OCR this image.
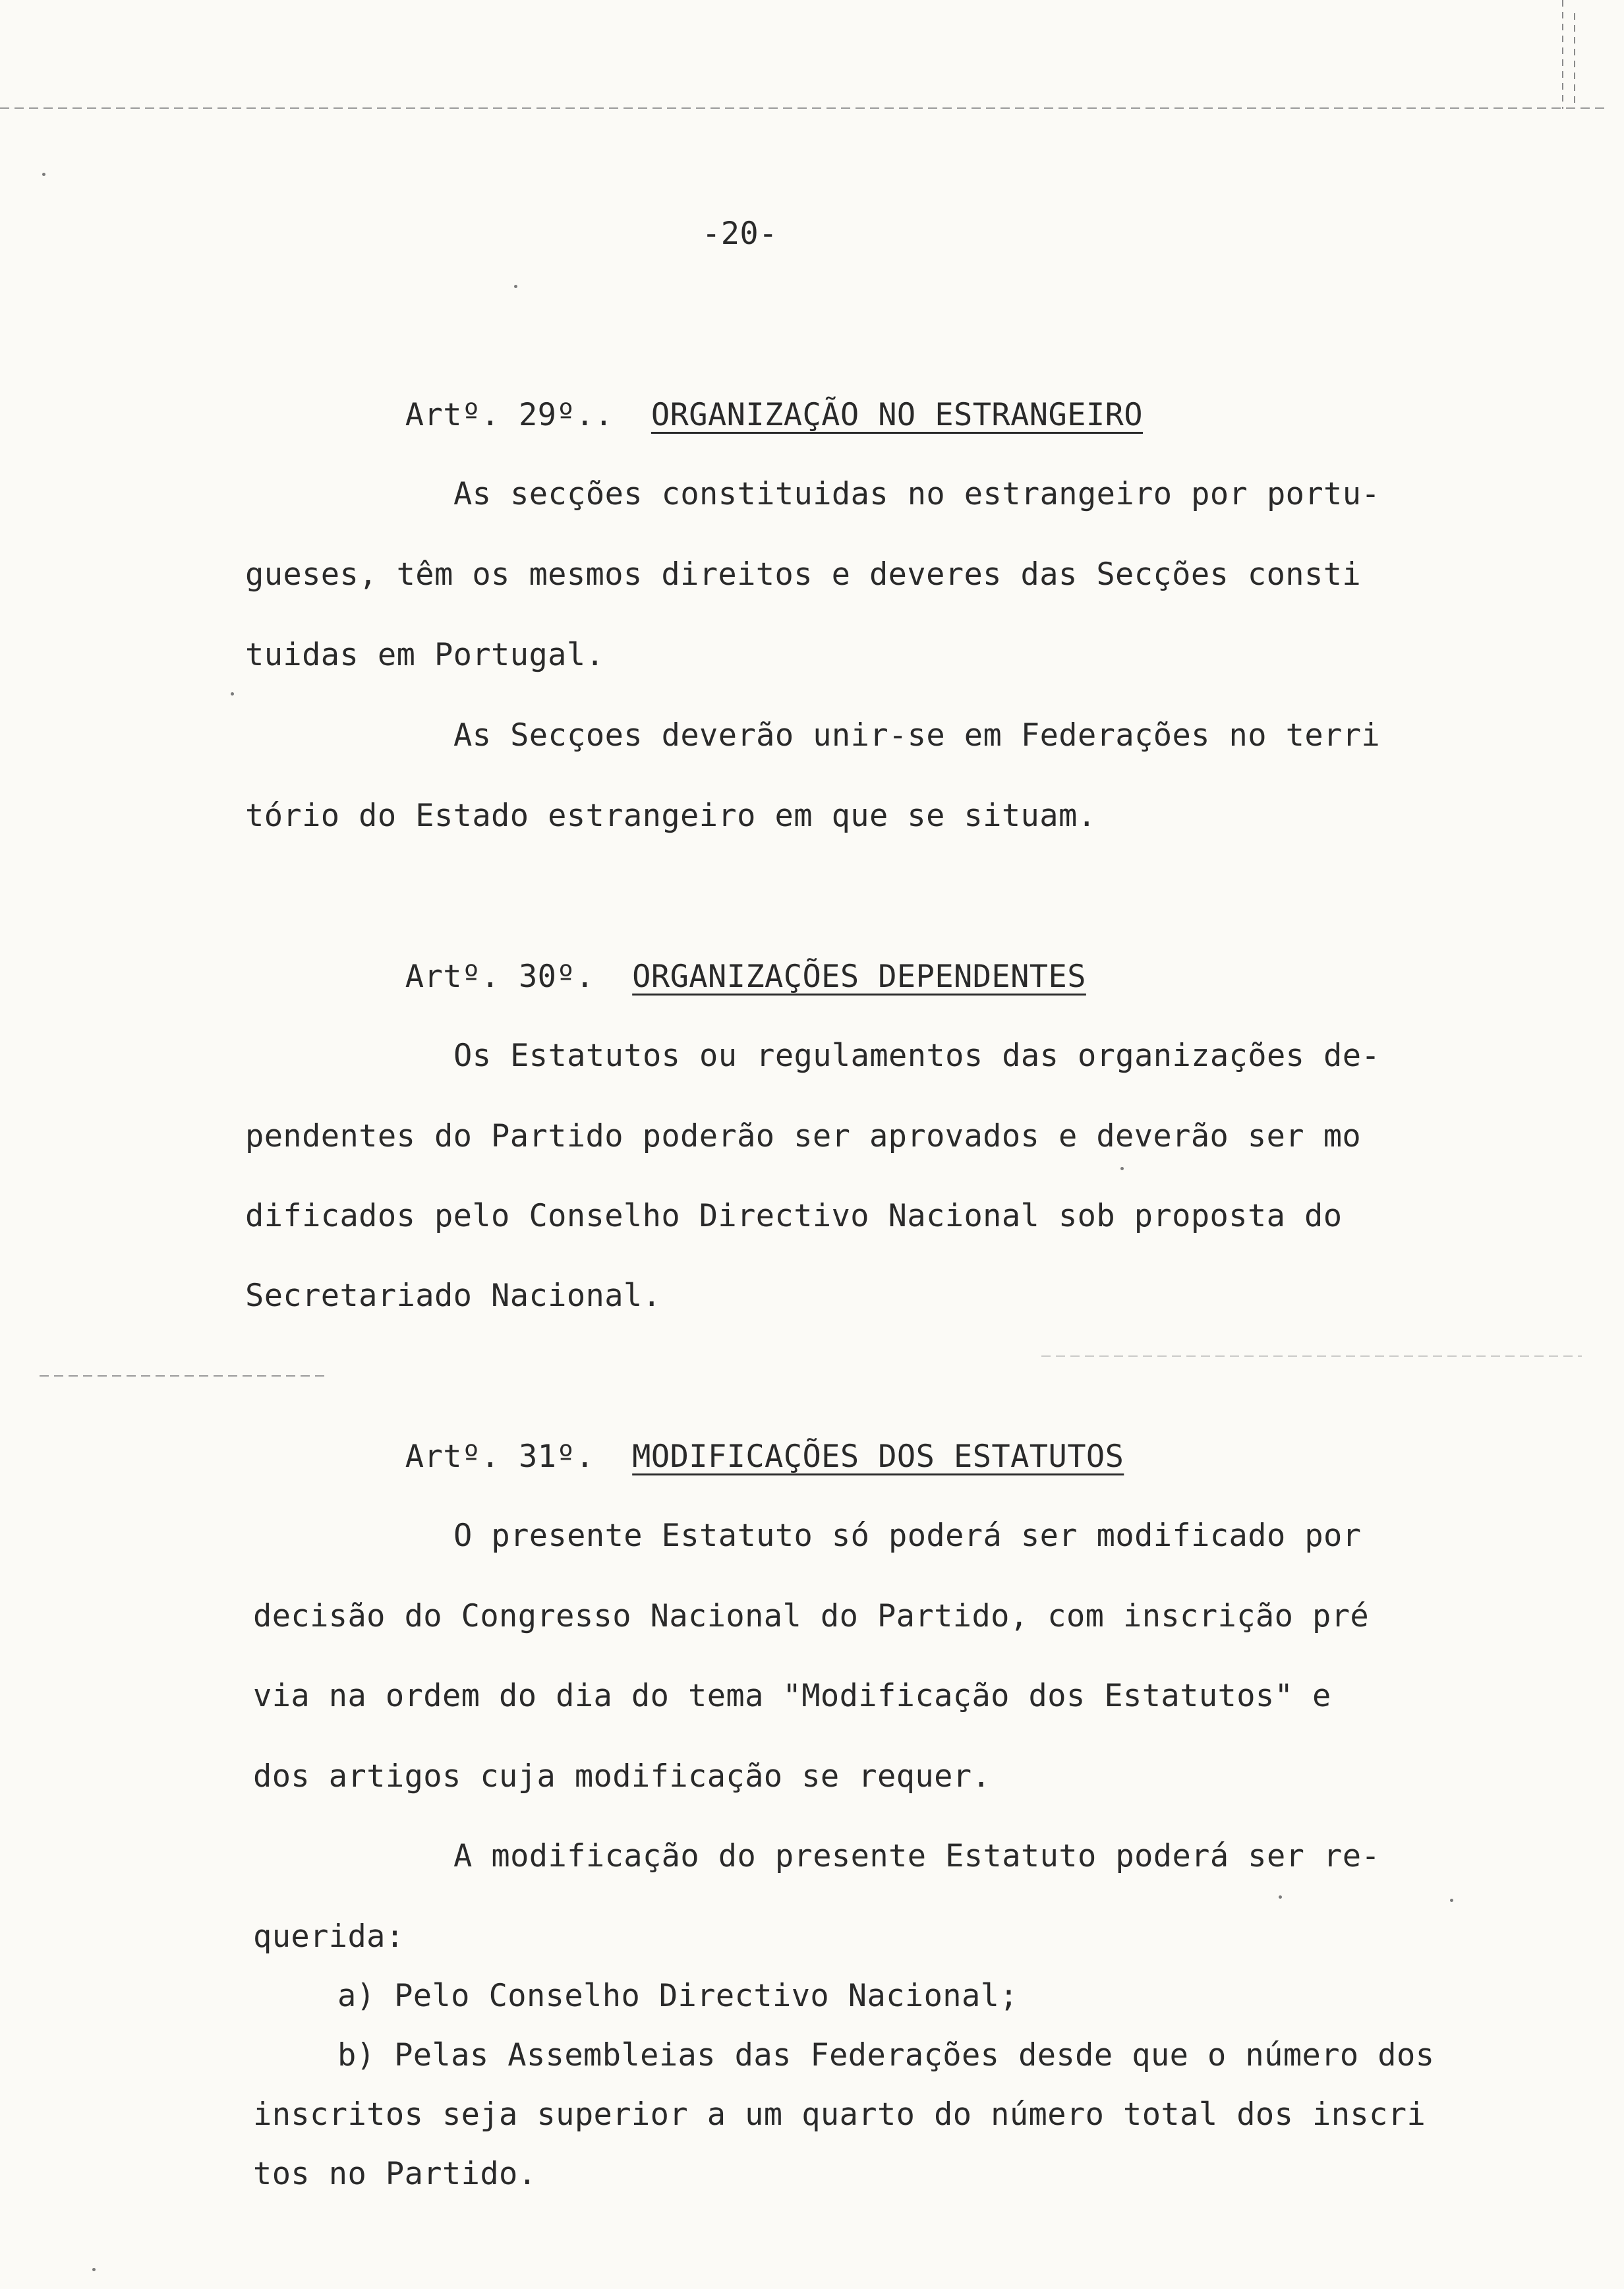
-20-

Artº. 29º.. ORGANIZAÇÃO NO ESTRANGEIRO

As secções constituidas no estrangeiro por portu-
gueses, têm os mesmos direitos e deveres das Secções consti
tuidas em Portugal.
As Secçoes deverão unir-se em Federações no terri
tório do Estado estrangeiro em que se situam.

Artº. 30º. ORGANIZAÇÕES DEPENDENTES

Os Estatutos ou regulamentos das organizações de-
pendentes do Partido poderão ser aprovados e deverão ser mo
dificados pelo Conselho Directivo Nacional sob proposta do
Secretariado Nacional.

Artº. 31º. MODIFICAÇÕES DOS ESTATUTOS

O presente Estatuto só poderá ser modificado por
decisão do Congresso Nacional do Partido, com inscrição pré
via na ordem do dia do tema "Modificação dos Estatutos" e
dos artigos cuja modificação se requer.
A modificação do presente Estatuto poderá ser re-
querida:
a) Pelo Conselho Directivo Nacional;
b) Pelas Assembleias das Federações desde que o número dos
inscritos seja superior a um quarto do número total dos inscri
tos no Partido.
